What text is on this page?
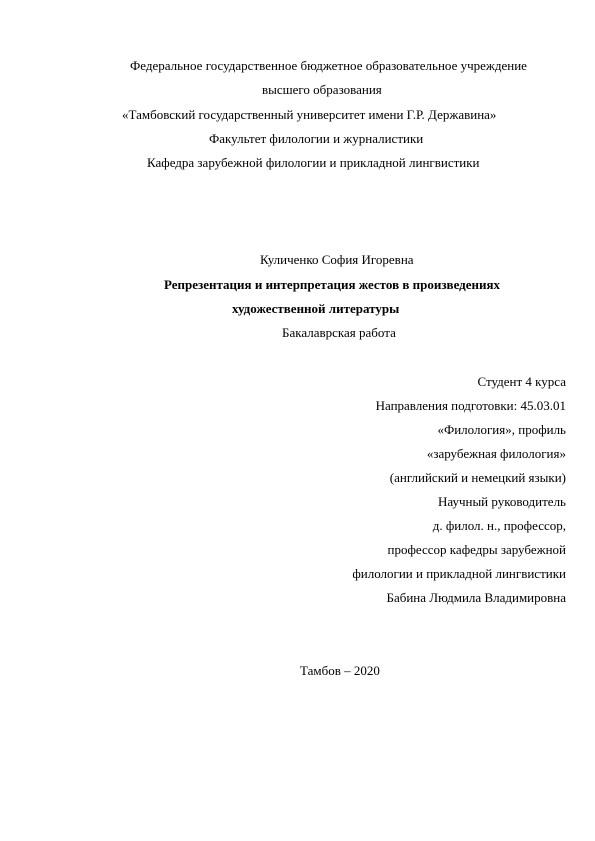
Федеральное государственное бюджетное образовательное учреждение
высшего образования
«Тамбовский государственный университет имени Г.Р. Державина»
Факультет филологии и журналистики
Кафедра зарубежной филологии и прикладной лингвистики
Куличенко София Игоревна
Репрезентация и интерпретация жестов в произведениях
художественной литературы
Бакалаврская работа
Студент 4 курса
Направления подготовки: 45.03.01
«Филология», профиль
«зарубежная филология»
(английский и немецкий языки)
Научный руководитель
д. филол. н., профессор,
профессор кафедры зарубежной
филологии и прикладной лингвистики
Бабина Людмила Владимировна
Тамбов – 2020
